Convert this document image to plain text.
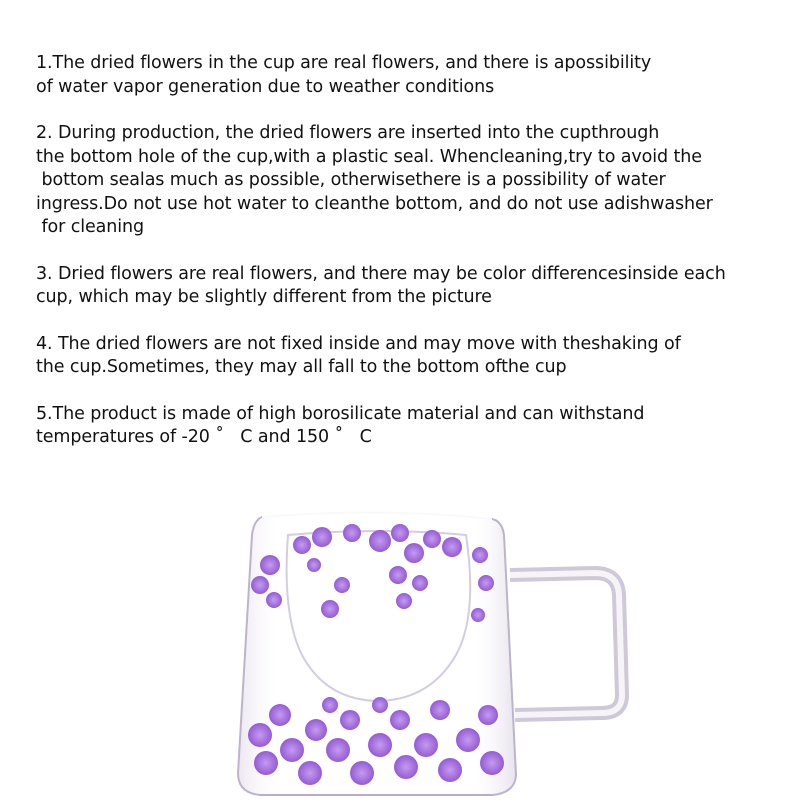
1.The dried flowers in the cup are real flowers, and there is apossibility
of water vapor generation due to weather conditions
2. During production, the dried flowers are inserted into the cupthrough
the bottom hole of the cup,with a plastic seal. Whencleaning,try to avoid the
bottom sealas much as possible, otherwisethere is a possibility of water
ingress.Do not use hot water to cleanthe bottom, and do not use adishwasher
for cleaning
3. Dried flowers are real flowers, and there may be color differencesinside each
cup, which may be slightly different from the picture
4. The dried flowers are not fixed inside and may move with theshaking of
the cup.Sometimes, they may all fall to the bottom ofthe cup
5.The product is made of high borosilicate material and can withstand
temperatures of -20 ˚   C and 150 ˚   C
